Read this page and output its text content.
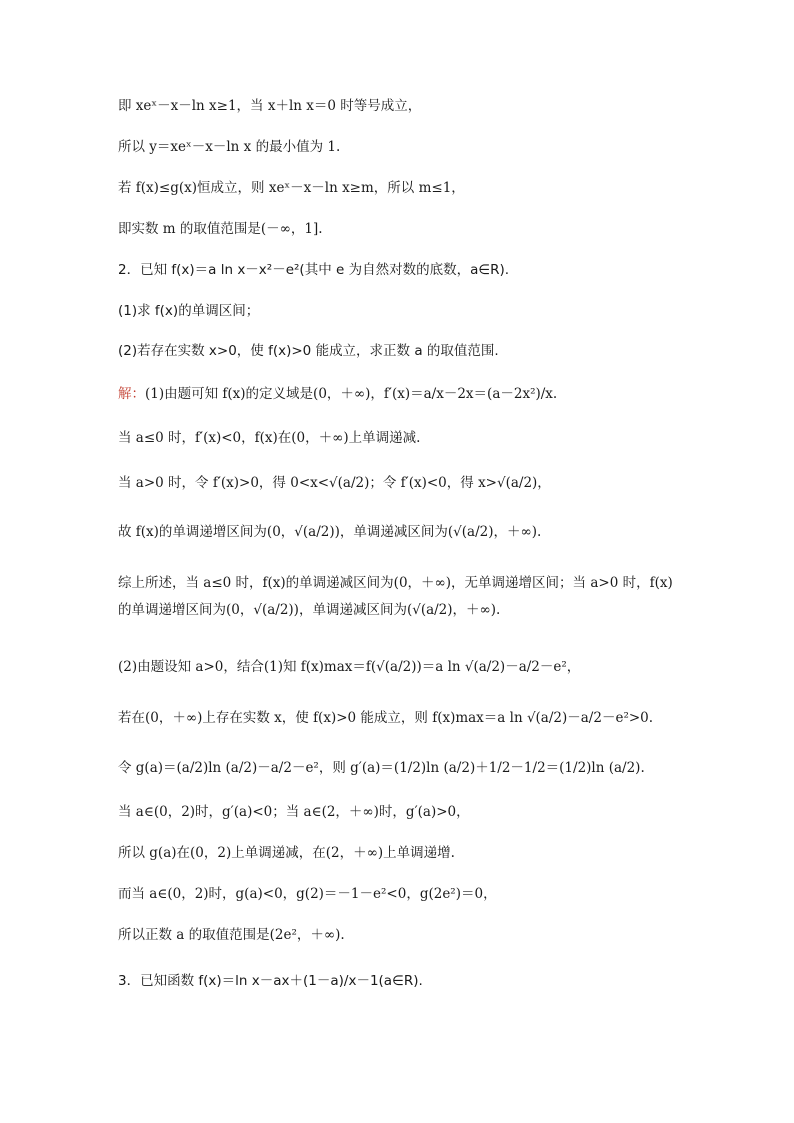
即 xeˣ－x－ln x≥1，当 x＋ln x＝0 时等号成立，
所以 y＝xeˣ－x－ln x 的最小值为 1.
若 f(x)≤g(x)恒成立，则 xeˣ－x－ln x≥m，所以 m≤1，
即实数 m 的取值范围是(－∞，1].
2．已知 f(x)＝a ln x－x²－e²(其中 e 为自然对数的底数，a∈R).
(1)求 f(x)的单调区间；
(2)若存在实数 x>0，使 f(x)>0 能成立，求正数 a 的取值范围.
解：(1)由题可知 f(x)的定义域是(0，＋∞)，f′(x)＝a/x－2x＝(a－2x²)/x.
当 a≤0 时，f′(x)<0，f(x)在(0，＋∞)上单调递减.
当 a>0 时，令 f′(x)>0，得 0<x<√(a/2)；令 f′(x)<0，得 x>√(a/2)，
故 f(x)的单调递增区间为(0，√(a/2))，单调递减区间为(√(a/2)，＋∞).
综上所述，当 a≤0 时，f(x)的单调递减区间为(0，＋∞)，无单调递增区间；当 a>0 时，f(x)的单调递增区间为(0，√(a/2))，单调递减区间为(√(a/2)，＋∞).
(2)由题设知 a>0，结合(1)知 f(x)max＝f(√(a/2))＝a ln √(a/2)－a/2－e²，
若在(0，＋∞)上存在实数 x，使 f(x)>0 能成立，则 f(x)max＝a ln √(a/2)－a/2－e²>0.
令 g(a)＝(a/2)ln (a/2)－a/2－e²，则 g′(a)＝(1/2)ln (a/2)＋1/2－1/2＝(1/2)ln (a/2).
当 a∈(0，2)时，g′(a)<0；当 a∈(2，＋∞)时，g′(a)>0，
所以 g(a)在(0，2)上单调递减，在(2，＋∞)上单调递增.
而当 a∈(0，2)时，g(a)<0，g(2)＝－1－e²<0，g(2e²)＝0，
所以正数 a 的取值范围是(2e²，＋∞).
3．已知函数 f(x)＝ln x－ax＋(1－a)/x－1(a∈R).
